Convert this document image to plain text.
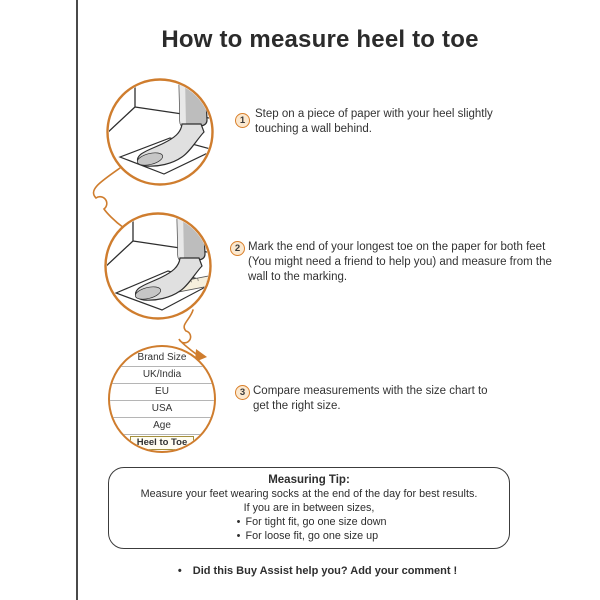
How to measure heel to toe
Brand Size
UK/India
EU
USA
Age
Heel to Toe
1
2
3
Step on a piece of paper with your heel slightly touching a wall behind.
Mark the end of your longest toe on the paper for both feet (You might need a friend to help you) and measure from the wall to the marking.
Compare measurements with the size chart to get the right size.
Measuring Tip:
Measure your feet wearing socks at the end of the day for best results.
If you are in between sizes,
• For tight fit, go one size down
• For loose fit, go one size up
• Did this Buy Assist help you? Add your comment !
